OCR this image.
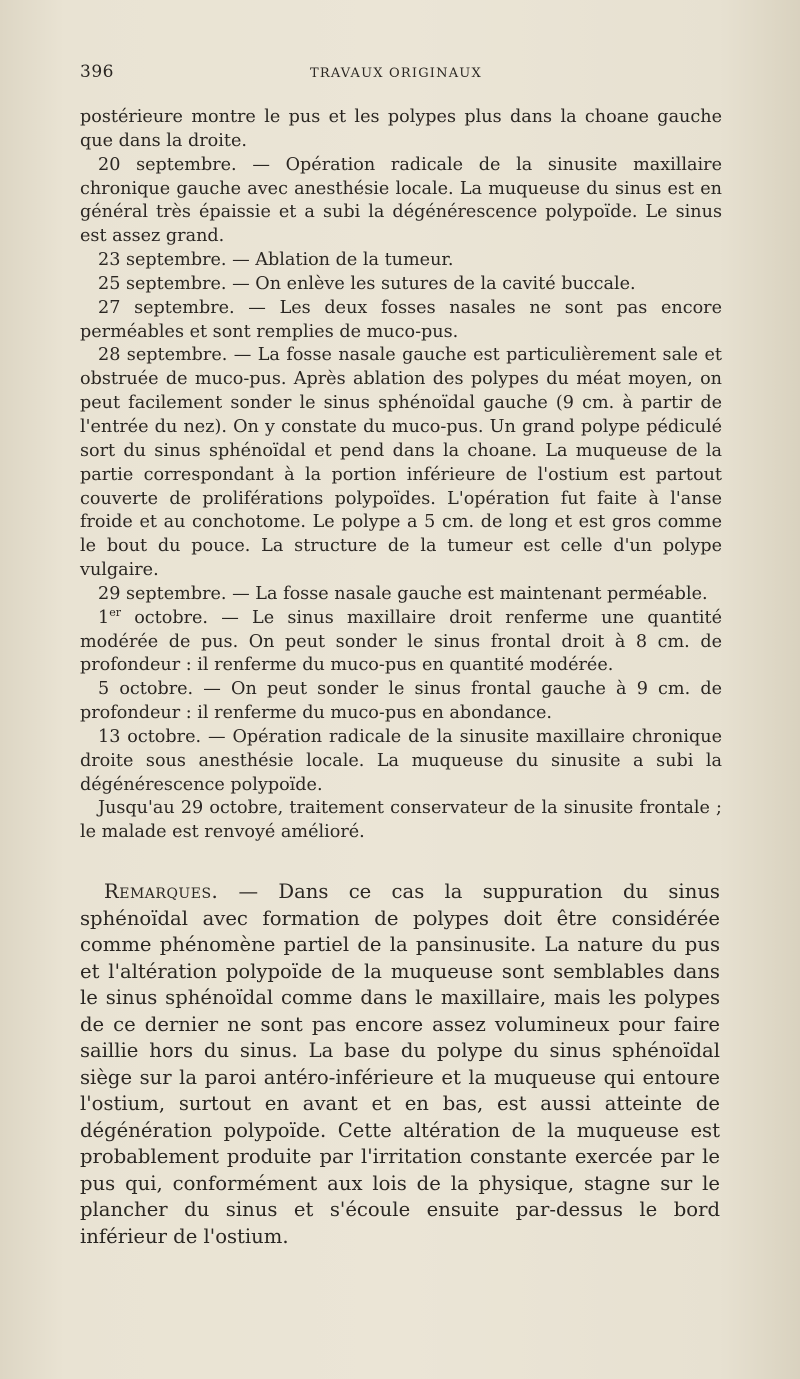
396	TRAVAUX ORIGINAUX

postérieure montre le pus et les polypes plus dans la choane gauche que dans la droite.

20 septembre. — Opération radicale de la sinusite maxillaire chronique gauche avec anesthésie locale. La muqueuse du sinus est en général très épaissie et a subi la dégénérescence polypoïde. Le sinus est assez grand.

23 septembre. — Ablation de la tumeur.

25 septembre. — On enlève les sutures de la cavité buccale.

27 septembre. — Les deux fosses nasales ne sont pas encore perméables et sont remplies de muco-pus.

28 septembre. — La fosse nasale gauche est particulièrement sale et obstruée de muco-pus. Après ablation des polypes du méat moyen, on peut facilement sonder le sinus sphénoïdal gauche (9 cm. à partir de l'entrée du nez). On y constate du muco-pus. Un grand polype pédiculé sort du sinus sphénoïdal et pend dans la choane. La muqueuse de la partie correspondant à la portion inférieure de l'ostium est partout couverte de proliférations polypoïdes. L'opération fut faite à l'anse froide et au conchotome. Le polype a 5 cm. de long et est gros comme le bout du pouce. La structure de la tumeur est celle d'un polype vulgaire.

29 septembre. — La fosse nasale gauche est maintenant perméable.

1er octobre. — Le sinus maxillaire droit renferme une quantité modérée de pus. On peut sonder le sinus frontal droit à 8 cm. de profondeur : il renferme du muco-pus en quantité modérée.

5 octobre. — On peut sonder le sinus frontal gauche à 9 cm. de profondeur : il renferme du muco-pus en abondance.

13 octobre. — Opération radicale de la sinusite maxillaire chronique droite sous anesthésie locale. La muqueuse du sinusite a subi la dégénérescence polypoïde.

Jusqu'au 29 octobre, traitement conservateur de la sinusite frontale ; le malade est renvoyé amélioré.

Remarques. — Dans ce cas la suppuration du sinus sphénoïdal avec formation de polypes doit être considérée comme phénomène partiel de la pansinusite. La nature du pus et l'altération polypoïde de la muqueuse sont semblables dans le sinus sphénoïdal comme dans le maxillaire, mais les polypes de ce dernier ne sont pas encore assez volumineux pour faire saillie hors du sinus. La base du polype du sinus sphénoïdal siège sur la paroi antéro-inférieure et la muqueuse qui entoure l'ostium, surtout en avant et en bas, est aussi atteinte de dégénération polypoïde. Cette altération de la muqueuse est probablement produite par l'irritation constante exercée par le pus qui, conformément aux lois de la physique, stagne sur le plancher du sinus et s'écoule ensuite par-dessus le bord inférieur de l'ostium.
